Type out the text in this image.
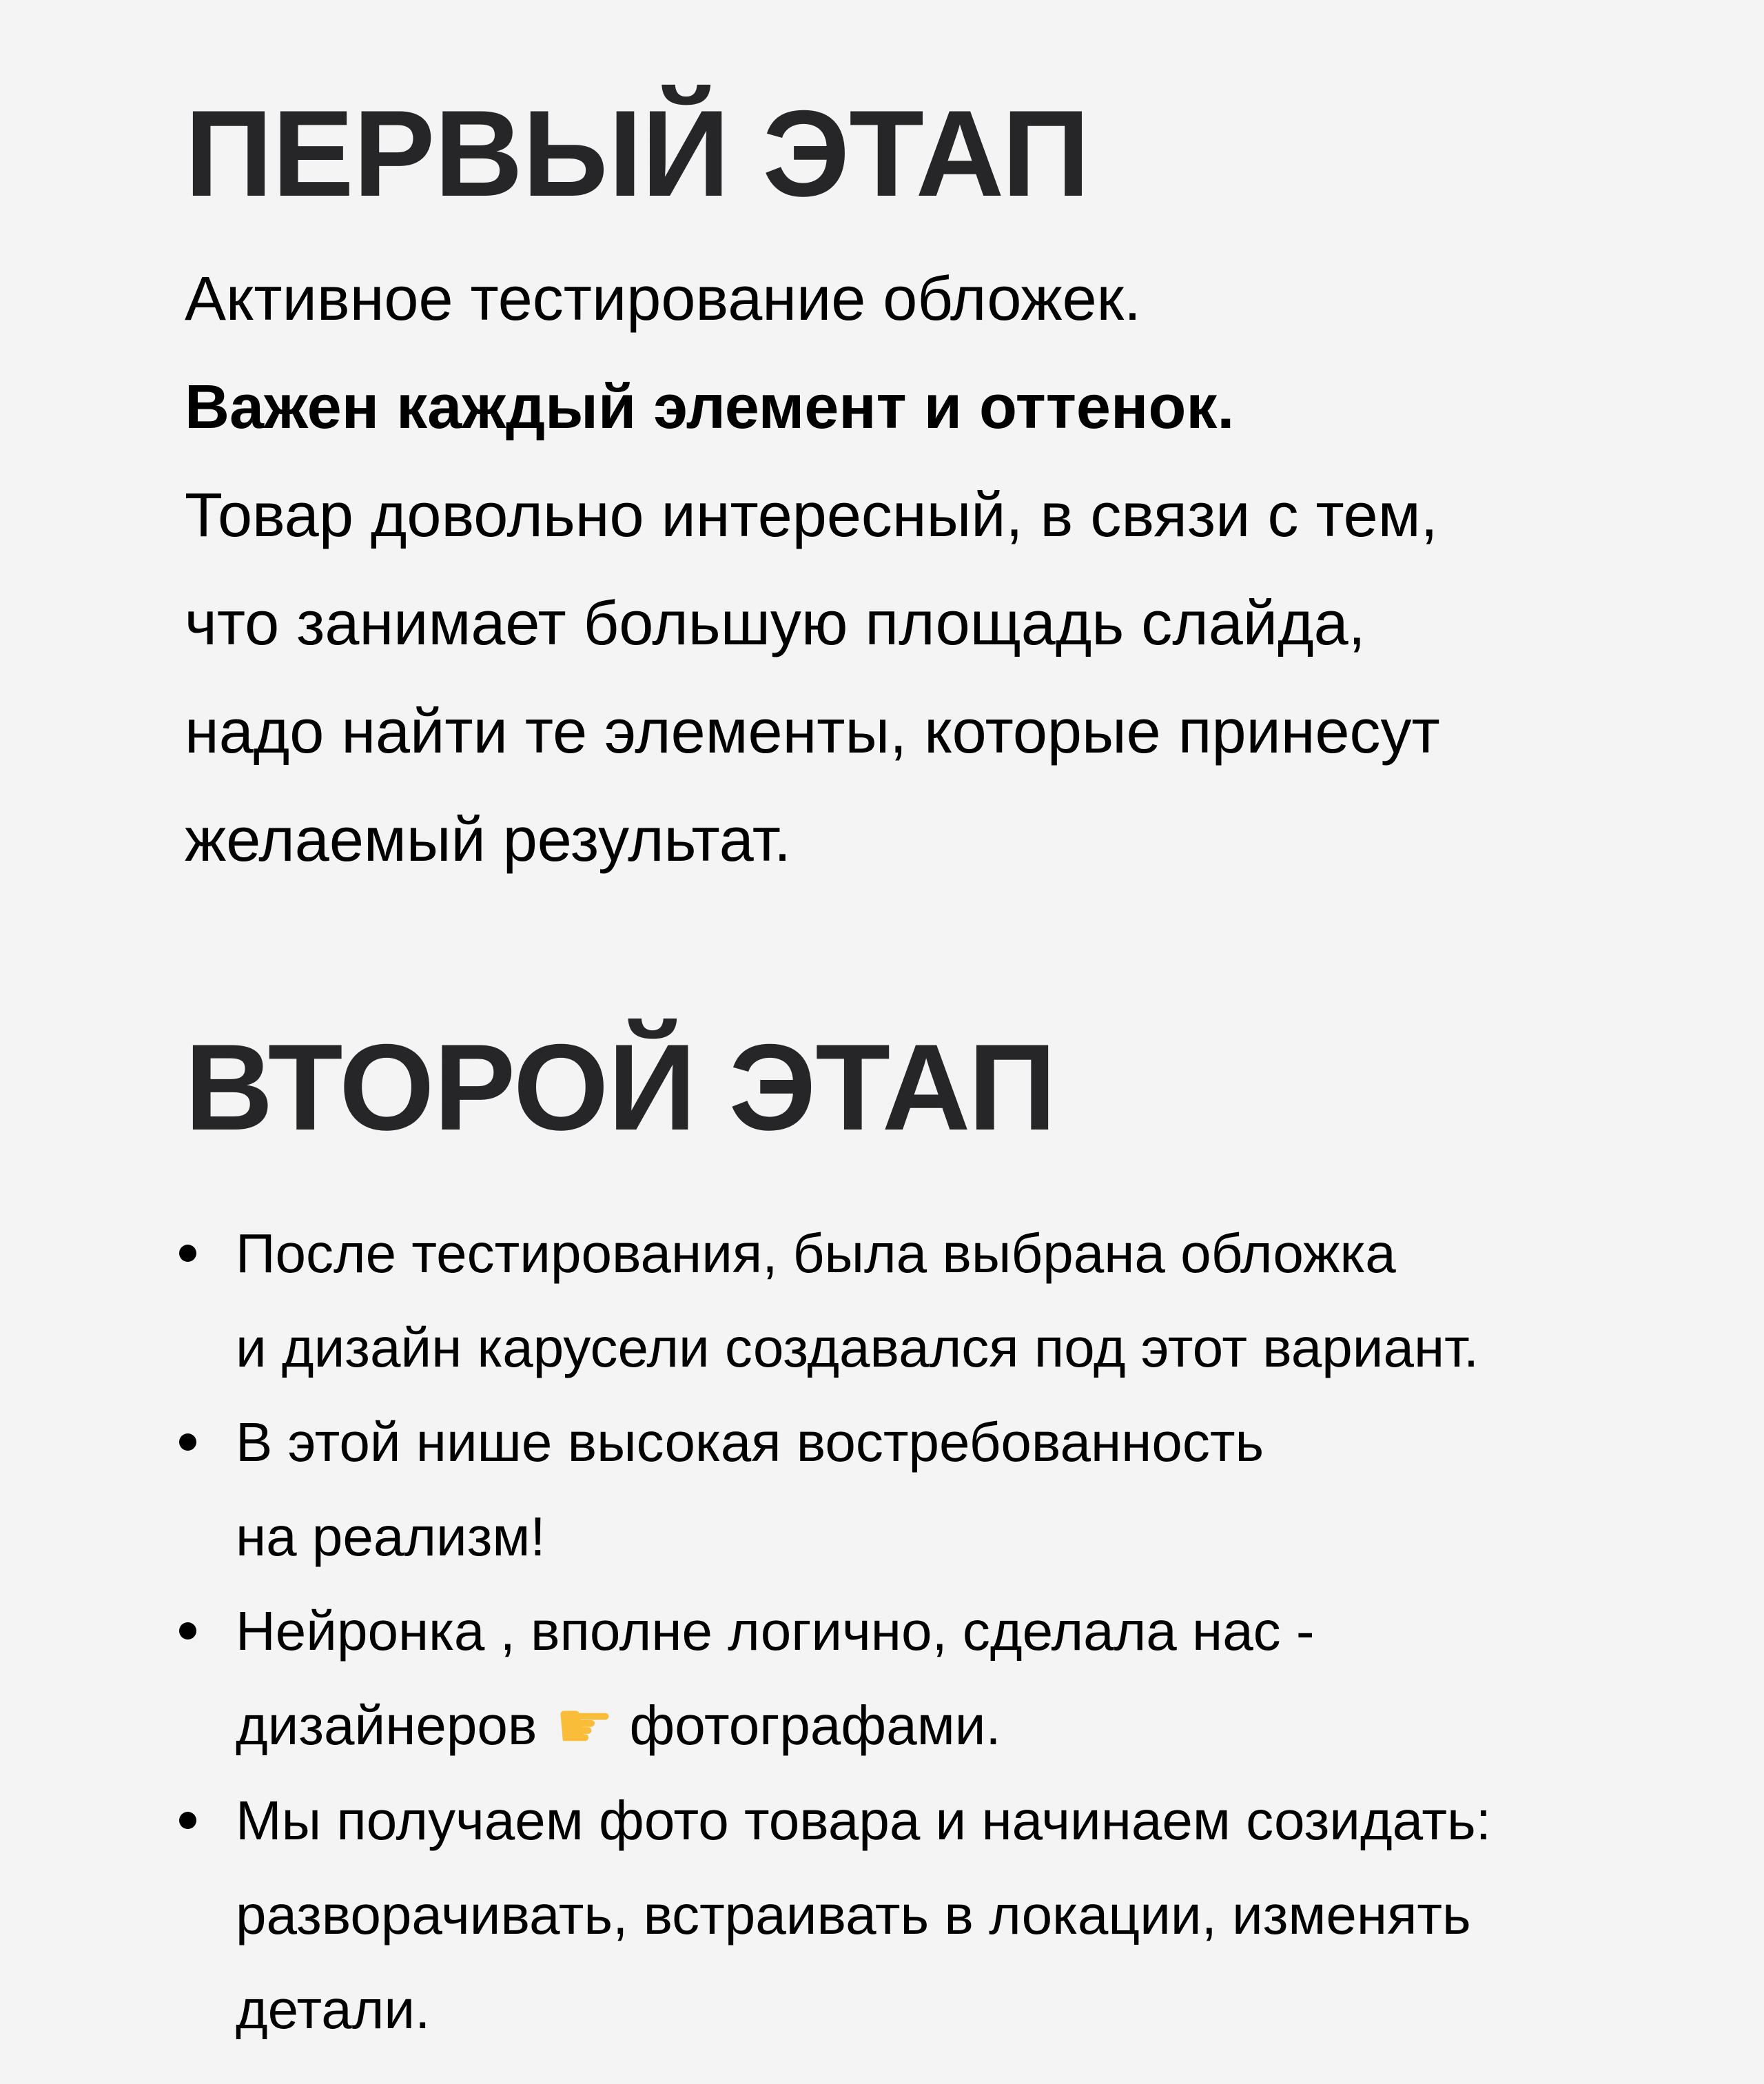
ПЕРВЫЙ ЭТАП
Активное тестирование обложек.
Важен каждый элемент и оттенок.
Товар довольно интересный, в связи с тем,
что занимает большую площадь слайда,
надо найти те элементы, которые принесут
желаемый результат.
ВТОРОЙ ЭТАП
После тестирования, была выбрана обложка
и дизайн карусели создавался под этот вариант.
В этой нише высокая востребованность
на реализм!
Нейронка , вполне логично, сделала нас -
дизайнеров ☛ фотографами.
Мы получаем фото товара и начинаем созидать:
разворачивать, встраивать в локации, изменять
детали.
